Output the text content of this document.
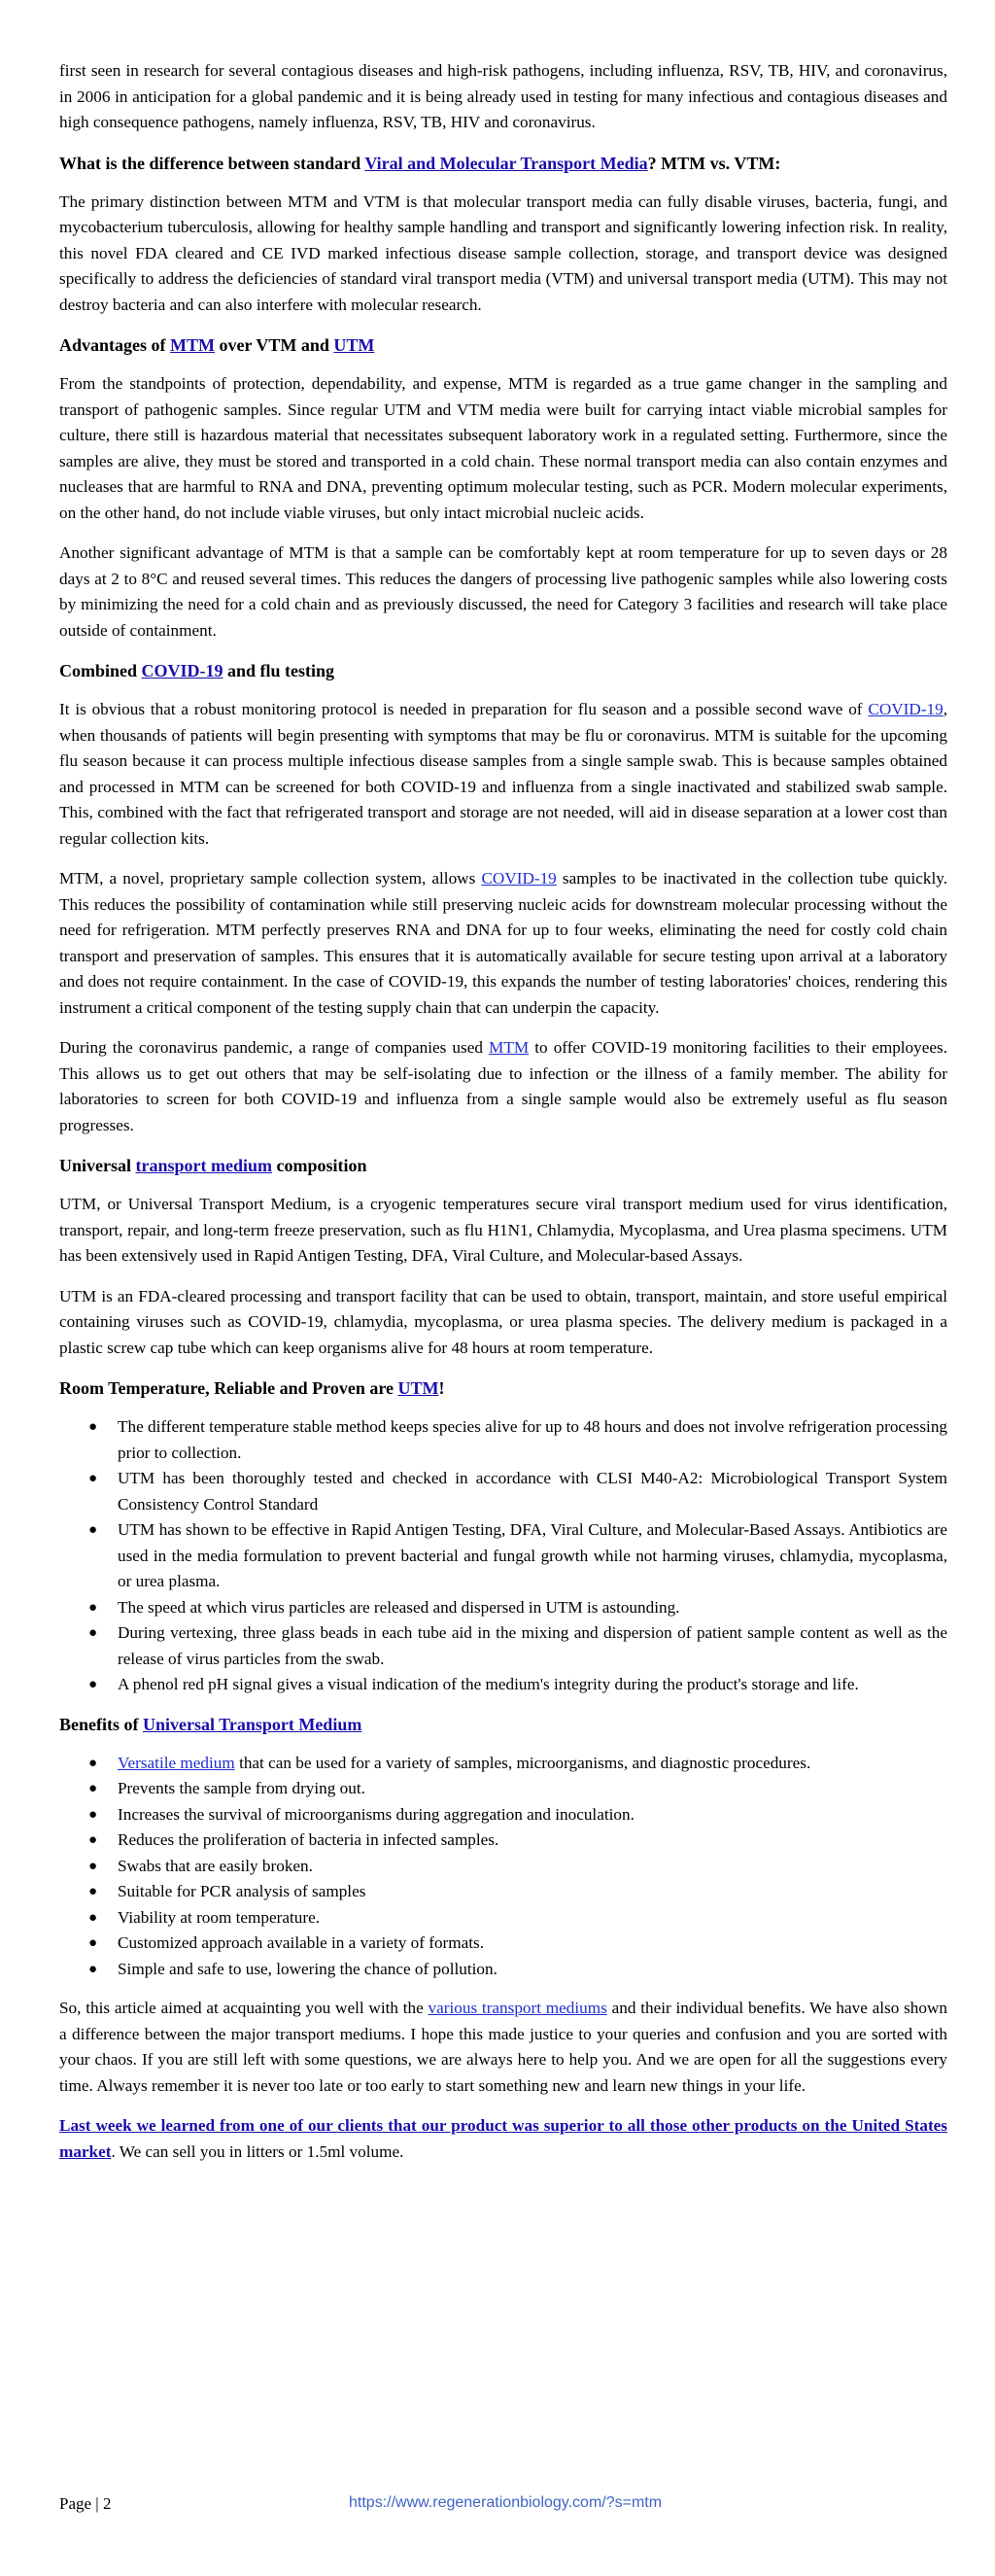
first seen in research for several contagious diseases and high-risk pathogens, including influenza, RSV, TB, HIV, and coronavirus, in 2006 in anticipation for a global pandemic and it is being already used in testing for many infectious and contagious diseases and high consequence pathogens, namely influenza, RSV, TB, HIV and coronavirus.

What is the difference between standard Viral and Molecular Transport Media? MTM vs. VTM:

The primary distinction between MTM and VTM is that molecular transport media can fully disable viruses, bacteria, fungi, and mycobacterium tuberculosis, allowing for healthy sample handling and transport and significantly lowering infection risk. In reality, this novel FDA cleared and CE IVD marked infectious disease sample collection, storage, and transport device was designed specifically to address the deficiencies of standard viral transport media (VTM) and universal transport media (UTM). This may not destroy bacteria and can also interfere with molecular research.

Advantages of MTM over VTM and UTM

From the standpoints of protection, dependability, and expense, MTM is regarded as a true game changer in the sampling and transport of pathogenic samples. Since regular UTM and VTM media were built for carrying intact viable microbial samples for culture, there still is hazardous material that necessitates subsequent laboratory work in a regulated setting. Furthermore, since the samples are alive, they must be stored and transported in a cold chain. These normal transport media can also contain enzymes and nucleases that are harmful to RNA and DNA, preventing optimum molecular testing, such as PCR. Modern molecular experiments, on the other hand, do not include viable viruses, but only intact microbial nucleic acids.

Another significant advantage of MTM is that a sample can be comfortably kept at room temperature for up to seven days or 28 days at 2 to 8°C and reused several times. This reduces the dangers of processing live pathogenic samples while also lowering costs by minimizing the need for a cold chain and as previously discussed, the need for Category 3 facilities and research will take place outside of containment.

Combined COVID-19 and flu testing

It is obvious that a robust monitoring protocol is needed in preparation for flu season and a possible second wave of COVID-19, when thousands of patients will begin presenting with symptoms that may be flu or coronavirus. MTM is suitable for the upcoming flu season because it can process multiple infectious disease samples from a single sample swab. This is because samples obtained and processed in MTM can be screened for both COVID-19 and influenza from a single inactivated and stabilized swab sample. This, combined with the fact that refrigerated transport and storage are not needed, will aid in disease separation at a lower cost than regular collection kits.

MTM, a novel, proprietary sample collection system, allows COVID-19 samples to be inactivated in the collection tube quickly. This reduces the possibility of contamination while still preserving nucleic acids for downstream molecular processing without the need for refrigeration. MTM perfectly preserves RNA and DNA for up to four weeks, eliminating the need for costly cold chain transport and preservation of samples. This ensures that it is automatically available for secure testing upon arrival at a laboratory and does not require containment. In the case of COVID-19, this expands the number of testing laboratories' choices, rendering this instrument a critical component of the testing supply chain that can underpin the capacity.

During the coronavirus pandemic, a range of companies used MTM to offer COVID-19 monitoring facilities to their employees. This allows us to get out others that may be self-isolating due to infection or the illness of a family member. The ability for laboratories to screen for both COVID-19 and influenza from a single sample would also be extremely useful as flu season progresses.

Universal transport medium composition

UTM, or Universal Transport Medium, is a cryogenic temperatures secure viral transport medium used for virus identification, transport, repair, and long-term freeze preservation, such as flu H1N1, Chlamydia, Mycoplasma, and Urea plasma specimens. UTM has been extensively used in Rapid Antigen Testing, DFA, Viral Culture, and Molecular-based Assays.

UTM is an FDA-cleared processing and transport facility that can be used to obtain, transport, maintain, and store useful empirical containing viruses such as COVID-19, chlamydia, mycoplasma, or urea plasma species. The delivery medium is packaged in a plastic screw cap tube which can keep organisms alive for 48 hours at room temperature.

Room Temperature, Reliable and Proven are UTM!
● The different temperature stable method keeps species alive for up to 48 hours and does not involve refrigeration processing prior to collection.
● UTM has been thoroughly tested and checked in accordance with CLSI M40-A2: Microbiological Transport System Consistency Control Standard
● UTM has shown to be effective in Rapid Antigen Testing, DFA, Viral Culture, and Molecular-Based Assays. Antibiotics are used in the media formulation to prevent bacterial and fungal growth while not harming viruses, chlamydia, mycoplasma, or urea plasma.
● The speed at which virus particles are released and dispersed in UTM is astounding.
● During vertexing, three glass beads in each tube aid in the mixing and dispersion of patient sample content as well as the release of virus particles from the swab.
● A phenol red pH signal gives a visual indication of the medium's integrity during the product's storage and life.
Benefits of Universal Transport Medium
● Versatile medium that can be used for a variety of samples, microorganisms, and diagnostic procedures.
● Prevents the sample from drying out.
● Increases the survival of microorganisms during aggregation and inoculation.
● Reduces the proliferation of bacteria in infected samples.
● Swabs that are easily broken.
● Suitable for PCR analysis of samples
● Viability at room temperature.
● Customized approach available in a variety of formats.
● Simple and safe to use, lowering the chance of pollution.

So, this article aimed at acquainting you well with the various transport mediums and their individual benefits. We have also shown a difference between the major transport mediums. I hope this made justice to your queries and confusion and you are sorted with your chaos. If you are still left with some questions, we are always here to help you. And we are open for all the suggestions every time. Always remember it is never too late or too early to start something new and learn new things in your life.

Last week we learned from one of our clients that our product was superior to all those other products on the United States market. We can sell you in litters or 1.5ml volume.

Page | 2	https://www.regenerationbiology.com/?s=mtm
